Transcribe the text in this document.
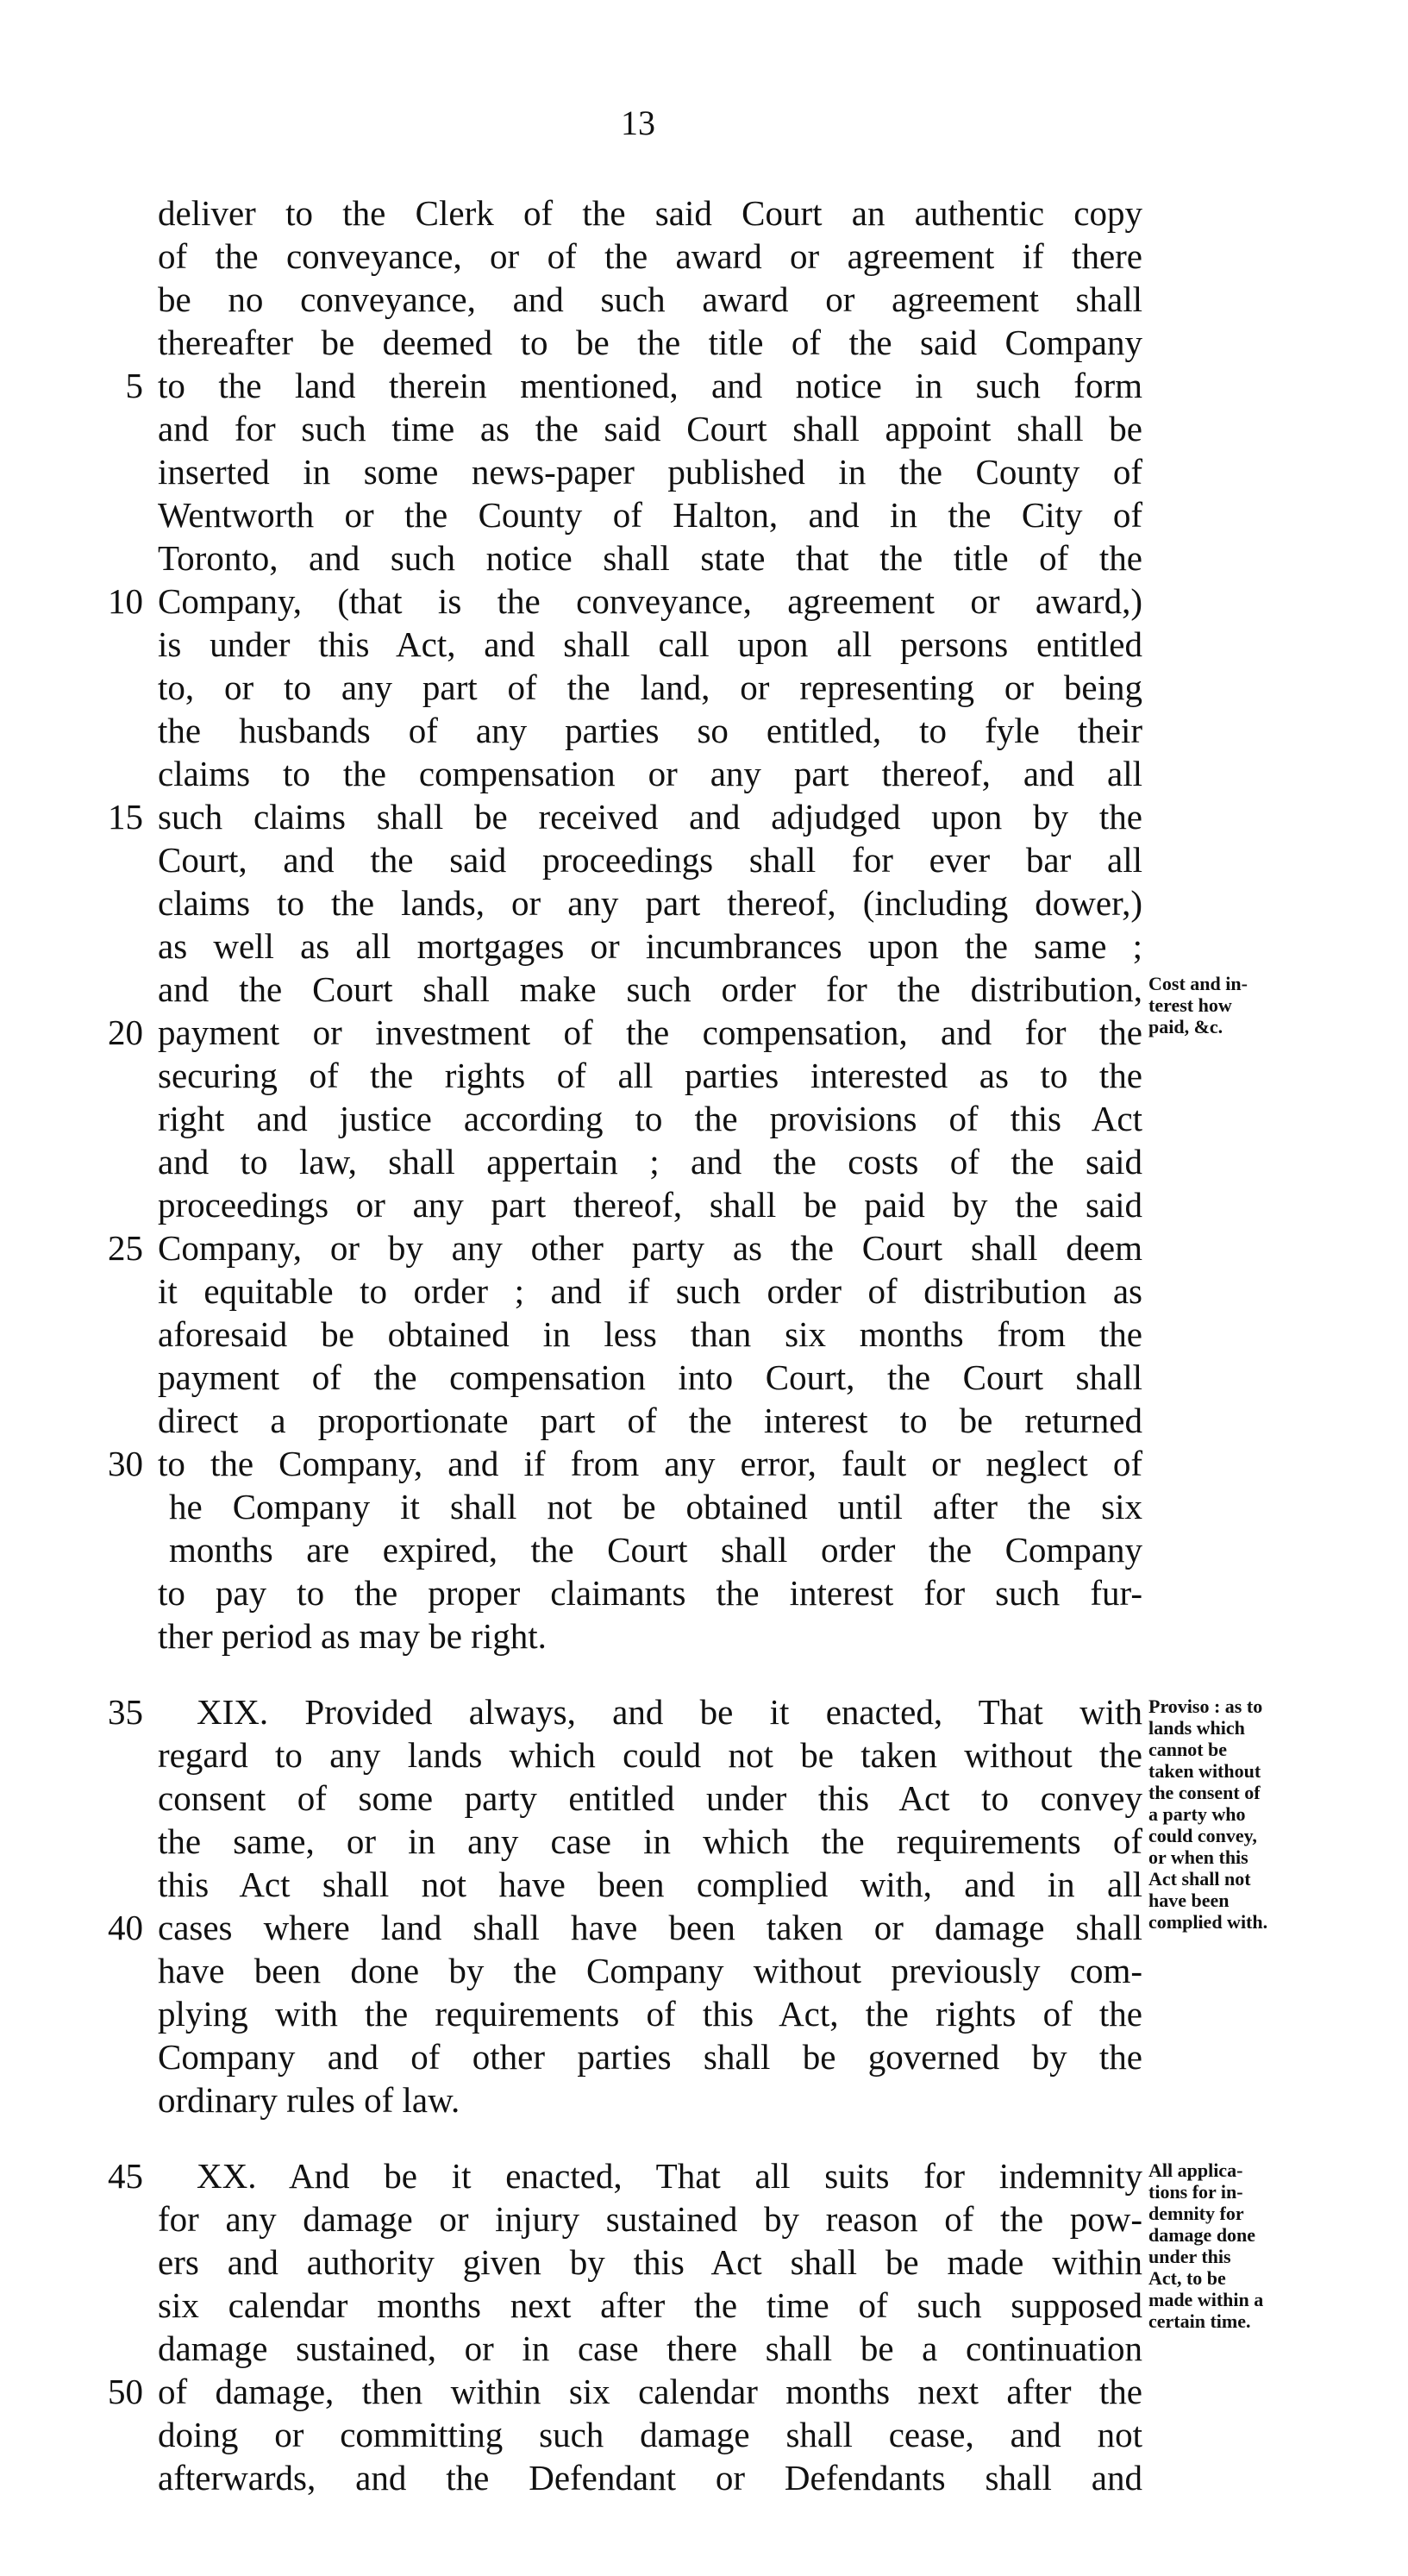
13
deliver to the Clerk of the said Court an authentic copy
of the conveyance, or of the award or agreement if there
be no conveyance, and such award or agreement shall
thereafter be deemed to be the title of the said Company
to the land therein mentioned, and notice in such form
and for such time as the said Court shall appoint shall be
inserted in some news-paper published in the County of
Wentworth or the County of Halton, and in the City of
Toronto, and such notice shall state that the title of the
Company, (that is the conveyance, agreement or award,)
is under this Act, and shall call upon all persons entitled
to, or to any part of the land, or representing or being
the husbands of any parties so entitled, to fyle their
claims to the compensation or any part thereof, and all
such claims shall be received and adjudged upon by the
Court, and the said proceedings shall for ever bar all
claims to the lands, or any part thereof, (including dower,)
as well as all mortgages or incumbrances upon the same ;
and the Court shall make such order for the distribution,
payment or investment of the compensation, and for the
securing of the rights of all parties interested as to the
right and justice according to the provisions of this Act
and to law, shall appertain ; and the costs of the said
proceedings or any part thereof, shall be paid by the said
Company, or by any other party as the Court shall deem
it equitable to order ; and if such order of distribution as
aforesaid be obtained in less than six months from the
payment of the compensation into Court, the Court shall
direct a proportionate part of the interest to be returned
to the Company, and if from any error, fault or neglect of
he Company it shall not be obtained until after the six
months are expired, the Court shall order the Company
to pay to the proper claimants the interest for such fur-
ther period as may be right.
XIX. Provided always, and be it enacted, That with
regard to any lands which could not be taken without the
consent of some party entitled under this Act to convey
the same, or in any case in which the requirements of
this Act shall not have been complied with, and in all
cases where land shall have been taken or damage shall
have been done by the Company without previously com-
plying with the requirements of this Act, the rights of the
Company and of other parties shall be governed by the
ordinary rules of law.
XX. And be it enacted, That all suits for indemnity
for any damage or injury sustained by reason of the pow-
ers and authority given by this Act shall be made within
six calendar months next after the time of such supposed
damage sustained, or in case there shall be a continuation
of damage, then within six calendar months next after the
doing or committing such damage shall cease, and not
afterwards, and the Defendant or Defendants shall and
5
10
15
20
25
30
35
40
45
50
Cost and in-
terest how
paid, &c.
Proviso : as to
lands which
cannot be
taken without
the consent of
a party who
could convey,
or when this
Act shall not
have been
complied with.
All applica-
tions for in-
demnity for
damage done
under this
Act, to be
made within a
certain time.
